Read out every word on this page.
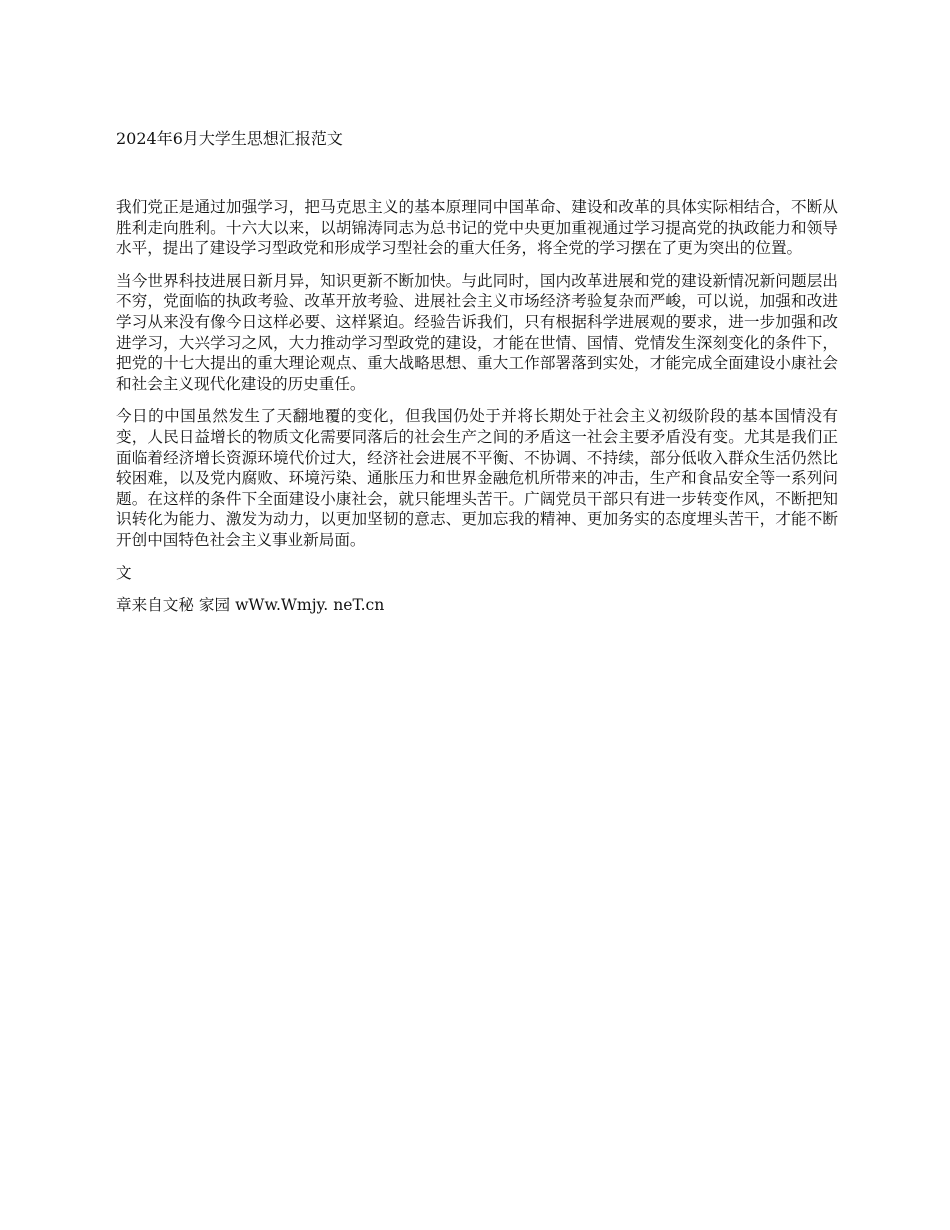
2024年6月大学生思想汇报范文

我们党正是通过加强学习，把马克思主义的基本原理同中国革命、建设和改革的具体实际相结合，不断从胜利走向胜利。十六大以来，以胡锦涛同志为总书记的党中央更加重视通过学习提高党的执政能力和领导水平，提出了建设学习型政党和形成学习型社会的重大任务，将全党的学习摆在了更为突出的位置。

当今世界科技进展日新月异，知识更新不断加快。与此同时，国内改革进展和党的建设新情况新问题层出不穷，党面临的执政考验、改革开放考验、进展社会主义市场经济考验复杂而严峻，可以说，加强和改进学习从来没有像今日这样必要、这样紧迫。经验告诉我们，只有根据科学进展观的要求，进一步加强和改进学习，大兴学习之风，大力推动学习型政党的建设，才能在世情、国情、党情发生深刻变化的条件下，把党的十七大提出的重大理论观点、重大战略思想、重大工作部署落到实处，才能完成全面建设小康社会和社会主义现代化建设的历史重任。

今日的中国虽然发生了天翻地覆的变化，但我国仍处于并将长期处于社会主义初级阶段的基本国情没有变，人民日益增长的物质文化需要同落后的社会生产之间的矛盾这一社会主要矛盾没有变。尤其是我们正面临着经济增长资源环境代价过大，经济社会进展不平衡、不协调、不持续，部分低收入群众生活仍然比较困难，以及党内腐败、环境污染、通胀压力和世界金融危机所带来的冲击，生产和食品安全等一系列问题。在这样的条件下全面建设小康社会，就只能埋头苦干。广阔党员干部只有进一步转变作风，不断把知识转化为能力、激发为动力，以更加坚韧的意志、更加忘我的精神、更加务实的态度埋头苦干，才能不断开创中国特色社会主义事业新局面。

文

章来自文秘 家园 wWw.Wmjy. neT.cn
